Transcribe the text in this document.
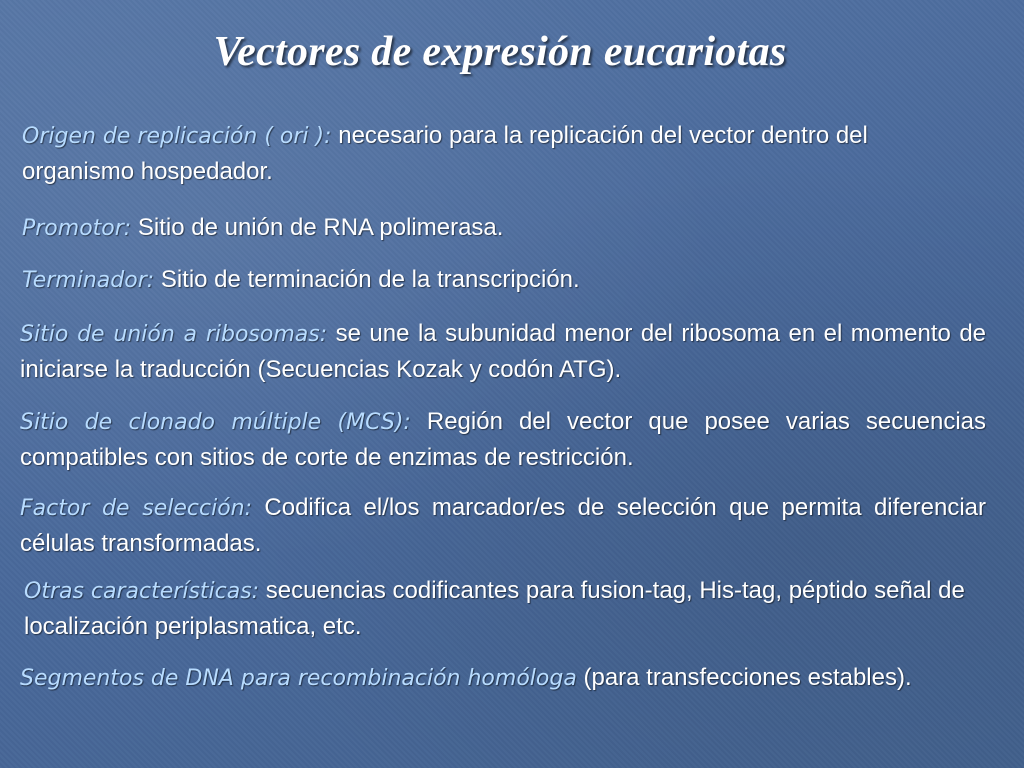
Vectores de expresión eucariotas

Origen de replicación ( ori ): necesario para la replicación del vector dentro del organismo hospedador.

Promotor: Sitio de unión de RNA polimerasa.

Terminador: Sitio de terminación de la transcripción.

Sitio de unión a ribosomas: se une la subunidad menor del ribosoma en el momento de iniciarse la traducción (Secuencias Kozak y codón ATG).

Sitio de clonado múltiple (MCS): Región del vector que posee varias secuencias compatibles con sitios de corte de enzimas de restricción.

Factor de selección: Codifica el/los marcador/es de selección que permita diferenciar células transformadas.

Otras características: secuencias codificantes para fusion-tag, His-tag, péptido señal de localización periplasmatica, etc.

Segmentos de DNA para recombinación homóloga (para transfecciones estables).
